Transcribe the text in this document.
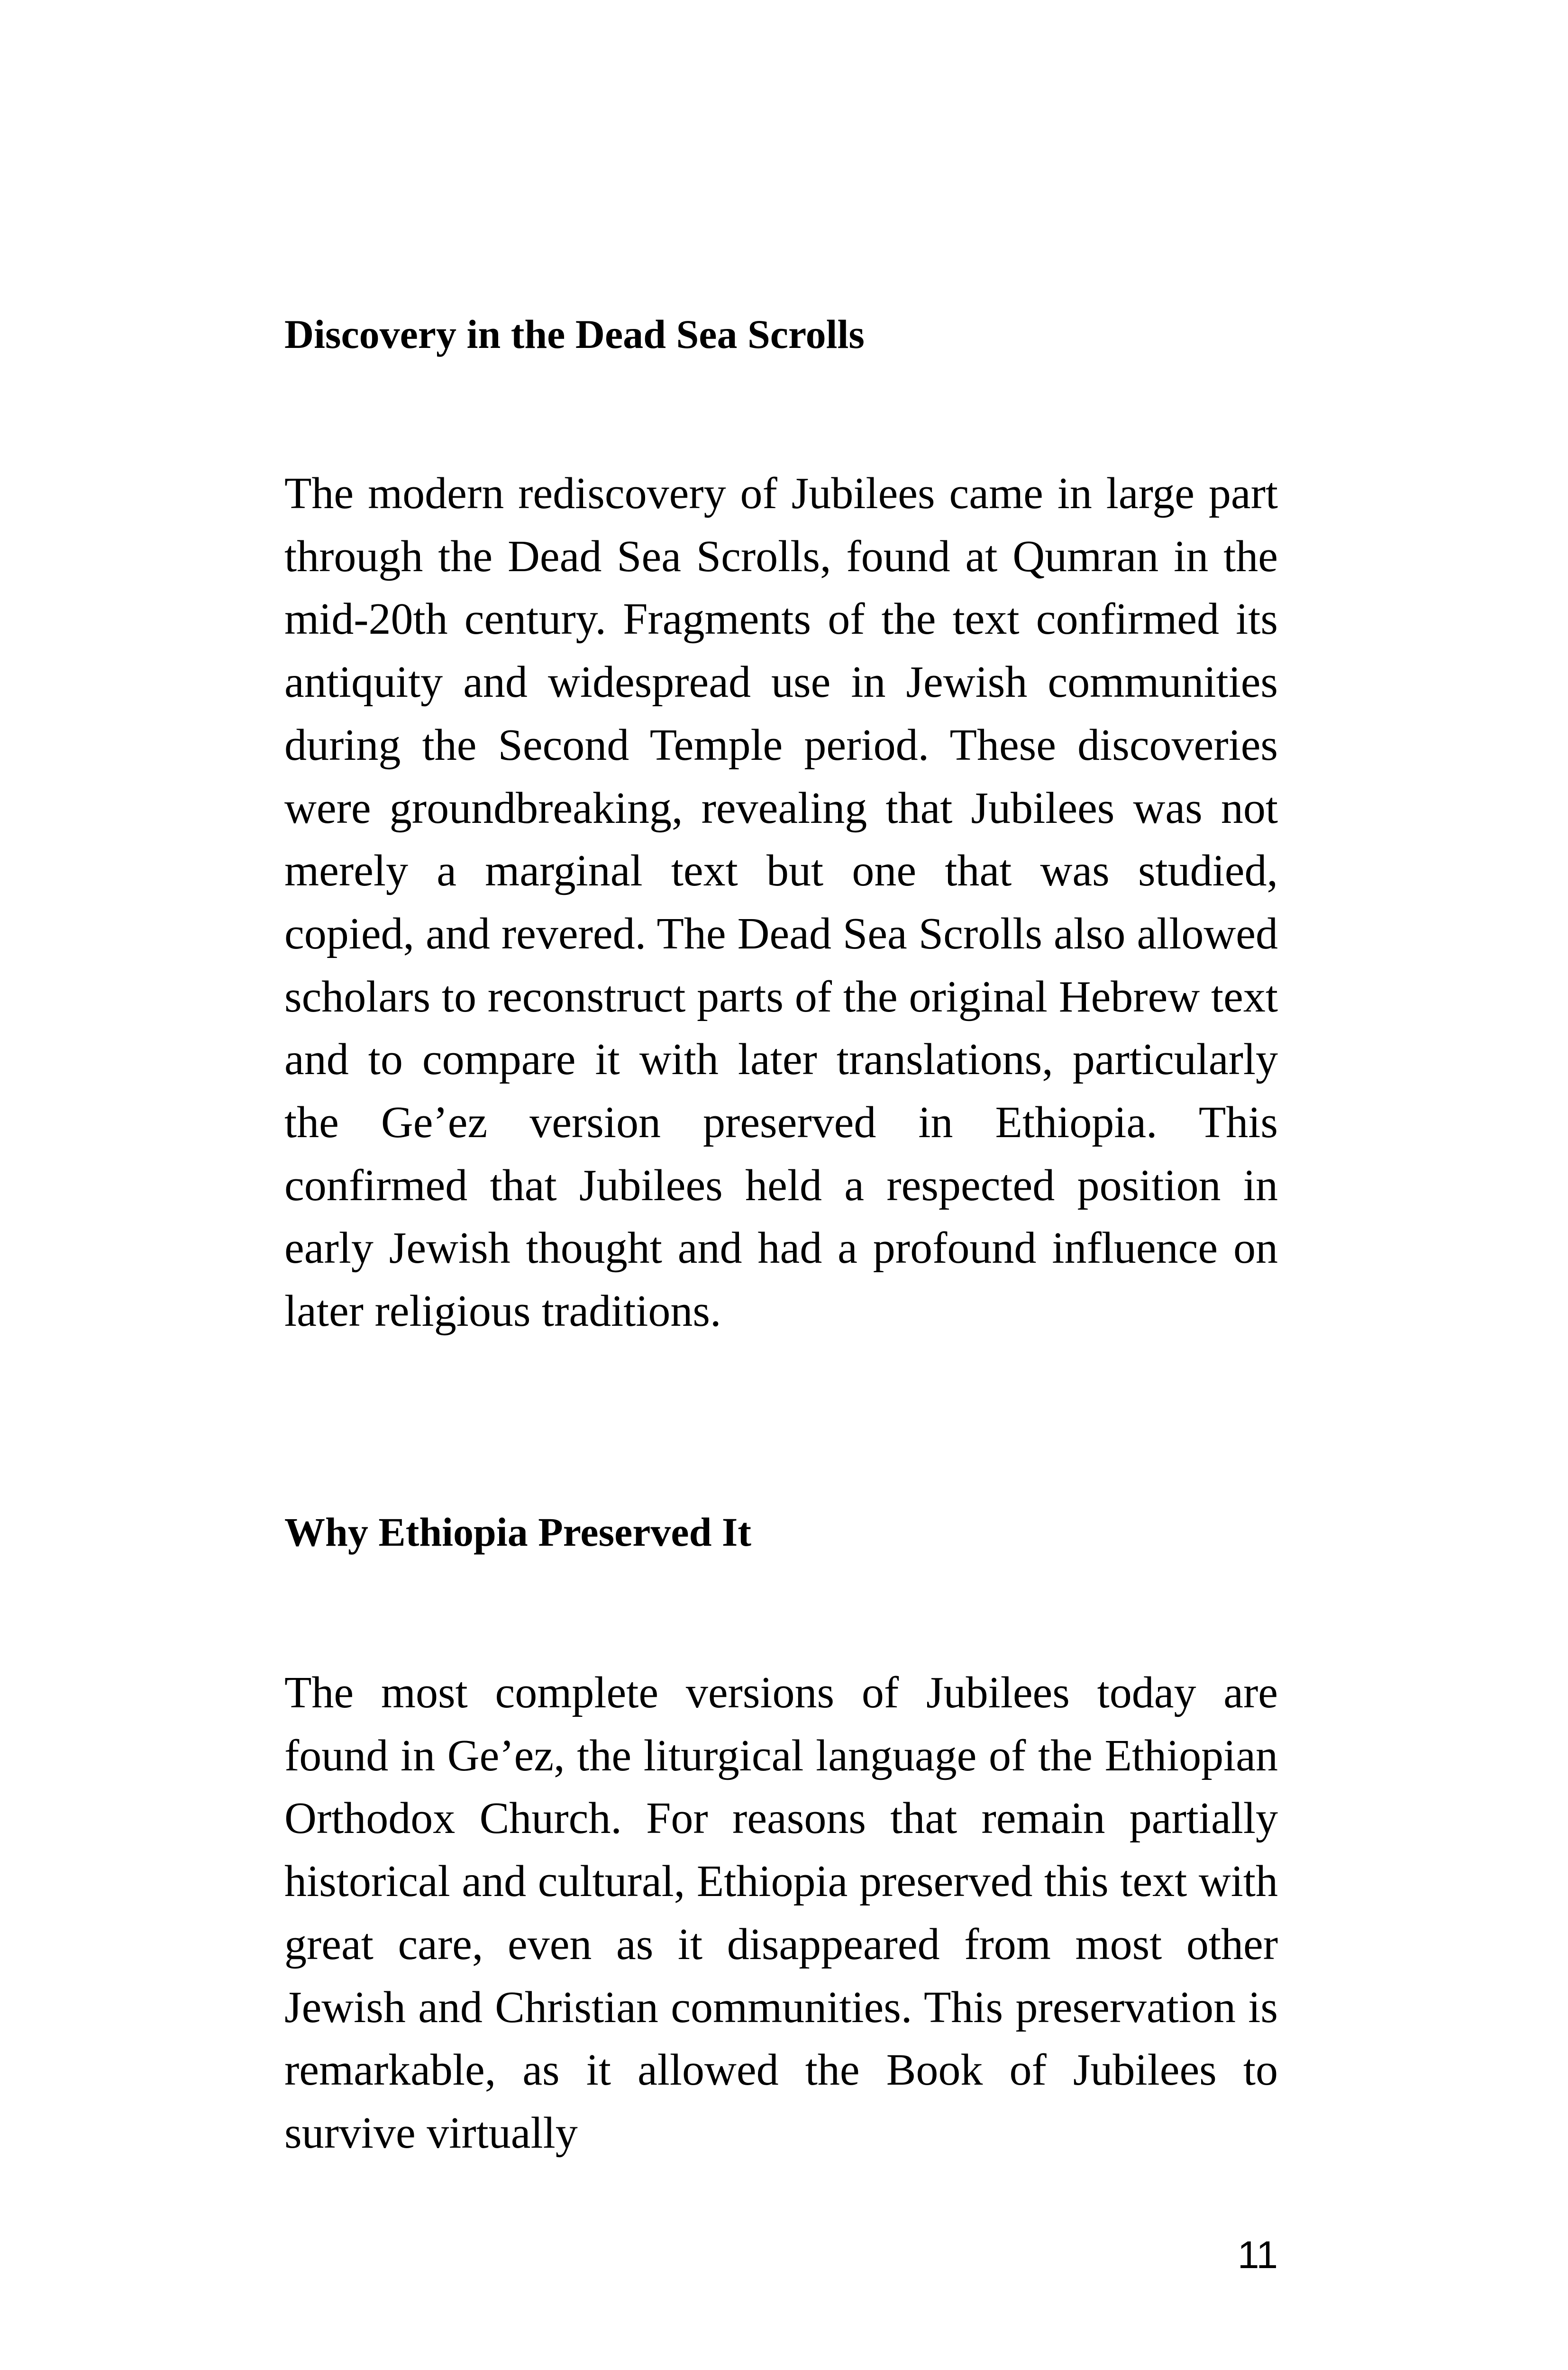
Discovery in the Dead Sea Scrolls

The modern rediscovery of Jubilees came in large part through the Dead Sea Scrolls, found at Qumran in the mid-20th century. Fragments of the text confirmed its antiquity and widespread use in Jewish communities during the Second Temple period. These discoveries were groundbreaking, revealing that Jubilees was not merely a marginal text but one that was studied, copied, and revered. The Dead Sea Scrolls also allowed scholars to reconstruct parts of the original Hebrew text and to compare it with later translations, particularly the Ge’ez version preserved in Ethiopia. This confirmed that Jubilees held a respected position in early Jewish thought and had a profound influence on later religious traditions.

Why Ethiopia Preserved It

The most complete versions of Jubilees today are found in Ge’ez, the liturgical language of the Ethiopian Orthodox Church. For reasons that remain partially historical and cultural, Ethiopia preserved this text with great care, even as it disappeared from most other Jewish and Christian communities. This preservation is remarkable, as it allowed the Book of Jubilees to survive virtually

11
